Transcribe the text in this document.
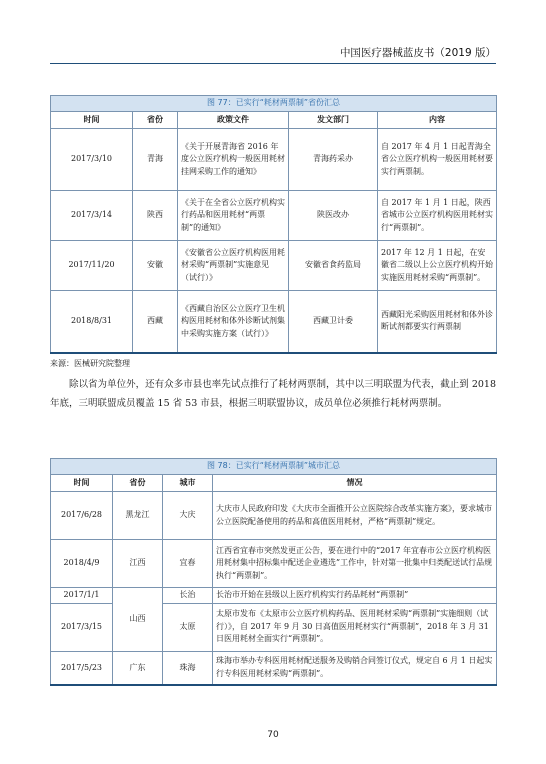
中国医疗器械蓝皮书（2019 版）
图 77：已实行“耗材两票制”省份汇总				
时间	省份	政策文件	发文部门	内容
2017/3/10	青海	《关于开展青海省 2016 年度公立医疗机构一般医用耗材挂网采购工作的通知》	青海药采办	自 2017 年 4 月 1 日起青海全省公立医疗机构一般医用耗材要实行两票制。
2017/3/14	陕西	《关于在全省公立医疗机构实行药品和医用耗材“两票制”的通知》	陕医改办	自 2017 年 1 月 1 日起，陕西省城市公立医疗机构医用耗材实行“两票制”。
2017/11/20	安徽	《安徽省公立医疗机构医用耗材采购“两票制”实施意见（试行）》	安徽省食药监局	2017 年 12 月 1 日起，在安徽省二级以上公立医疗机构开始实施医用耗材采购“两票制”。
2018/8/31	西藏	《西藏自治区公立医疗卫生机构医用耗材和体外诊断试剂集中采购实施方案（试行）》	西藏卫计委	西藏阳光采购医用耗材和体外诊断试剂都要实行两票制
来源：医械研究院整理

除以省为单位外，还有众多市县也率先试点推行了耗材两票制，其中以三明联盟为代表，截止到 2018 年底，三明联盟成员覆盖 15 省 53 市县，根据三明联盟协议，成员单位必须推行耗材两票制。

图 78：已实行“耗材两票制”城市汇总			
时间	省份	城市	情况
2017/6/28	黑龙江	大庆	大庆市人民政府印发《大庆市全面推开公立医院综合改革实施方案》，要求城市公立医院配备使用的药品和高值医用耗材，严格“两票制”规定。
2018/4/9	江西	宜春	江西省宜春市突然发更正公告，要在进行中的“2017 年宜春市公立医疗机构医用耗材集中招标集中配送企业遴选”工作中，针对第一批集中归类配送试行品规执行“两票制”。
2017/1/1	山西	长治	长治市开始在县级以上医疗机构实行药品耗材“两票制”
2017/3/15		太原	太原市发布《太原市公立医疗机构药品、医用耗材采购“两票制”实施细则（试行）》，自 2017 年 9 月 30 日高值医用耗材实行“两票制”，2018 年 3 月 31 日医用耗材全面实行“两票制”。
2017/5/23	广东	珠海	珠海市举办专科医用耗材配送服务及购销合同签订仪式，规定自 6 月 1 日起实行专科医用耗材采购“两票制”。
70
